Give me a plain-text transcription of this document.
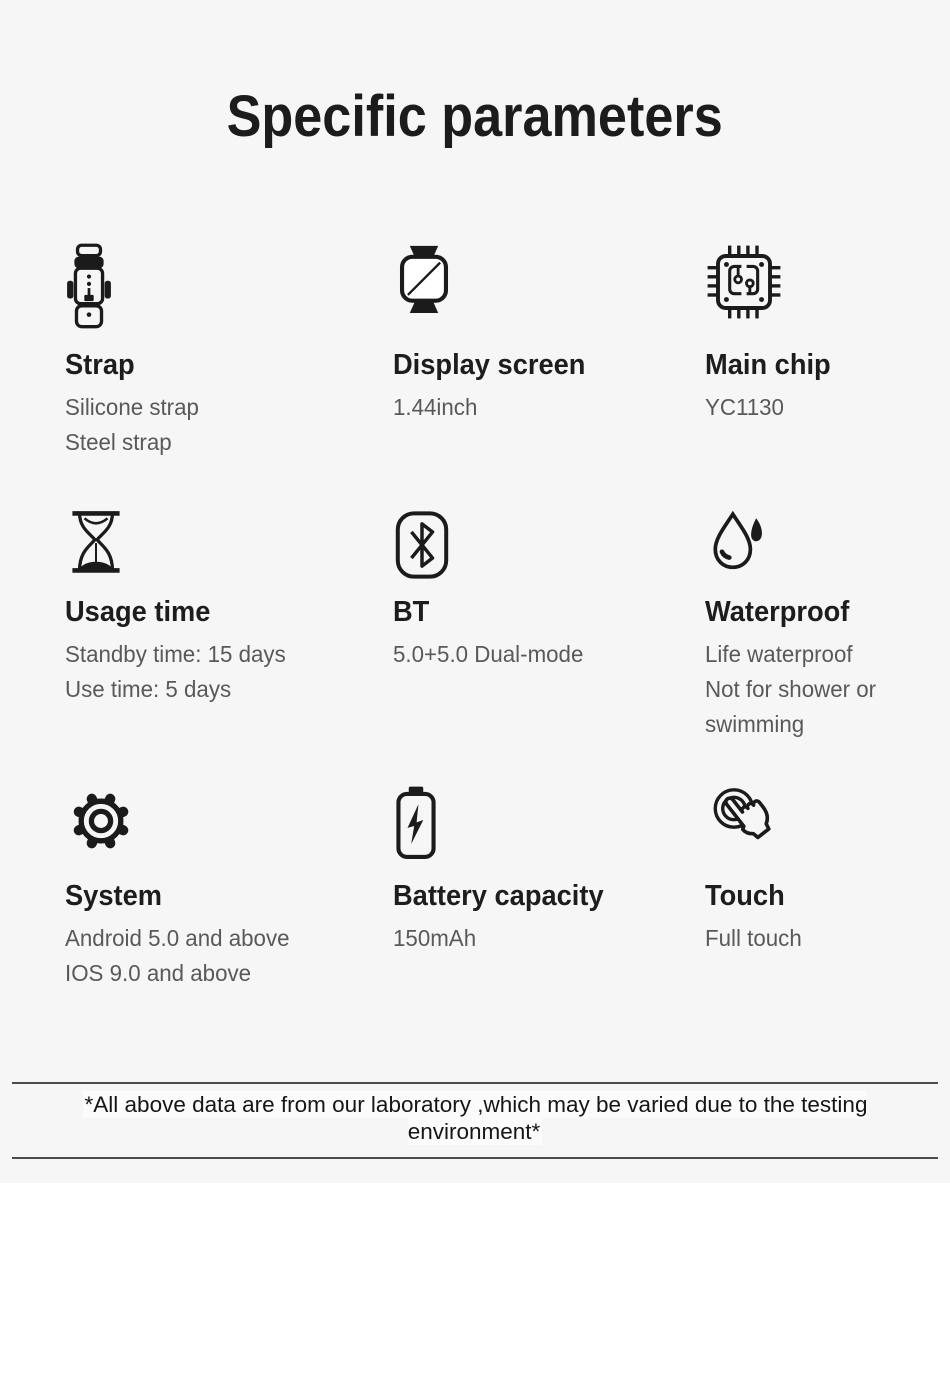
Specific parameters
Strap
Silicone strap
Steel strap
Display screen
1.44inch
Main chip
YC1130
Usage time
Standby time: 15 days
Use time: 5 days
BT
5.0+5.0 Dual-mode
Waterproof
Life waterproof
Not for shower or swimming
System
Android 5.0 and above
IOS 9.0 and above
Battery capacity
150mAh
Touch
Full touch

*All above data are from our laboratory ,which may be varied due to the testing environment*
